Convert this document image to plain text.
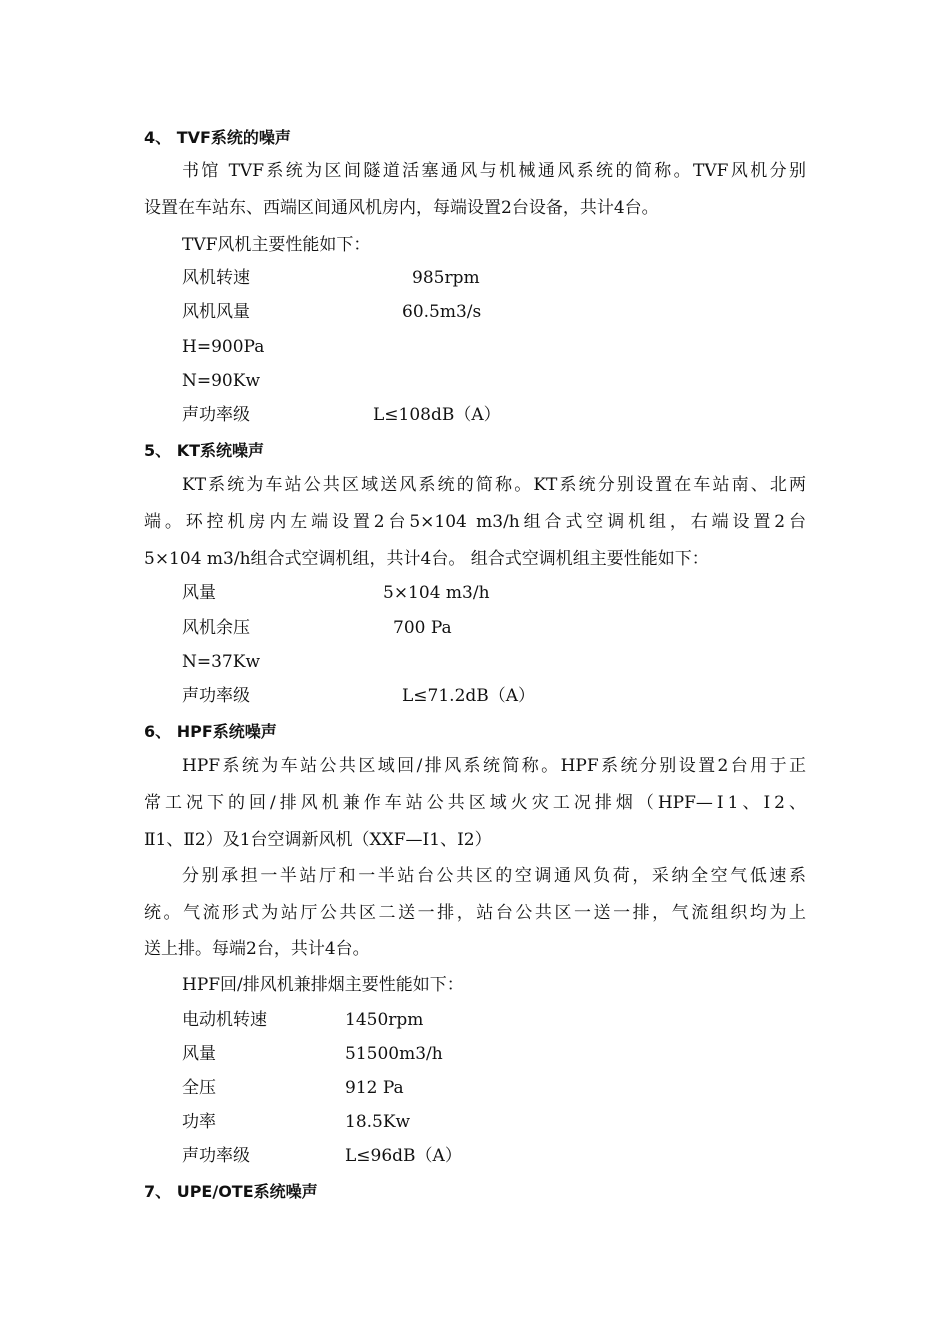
4、 TVF系统的噪声
书馆 TVF系统为区间隧道活塞通风与机械通风系统的简称。TVF风机分别
设置在车站东、西端区间通风机房内，每端设置2台设备，共计4台。
TVF风机主要性能如下：
风机转速	985rpm
风机风量	60.5m3/s
H=900Pa
N=90Kw
声功率级	L≤108dB（A）
5、 KT系统噪声
KT系统为车站公共区域送风系统的简称。KT系统分别设置在车站南、北两
端。环控机房内左端设置2台5×104 m3/h组合式空调机组，右端设置2台
5×104 m3/h组合式空调机组，共计4台。 组合式空调机组主要性能如下：
风量	5×104 m3/h
风机余压	700 Pa
N=37Kw
声功率级	L≤71.2dB（A）
6、 HPF系统噪声
HPF系统为车站公共区域回/排风系统简称。HPF系统分别设置2台用于正
常工况下的回/排风机兼作车站公共区域火灾工况排烟（HPF—Ⅰ1、Ⅰ2、
Ⅱ1、Ⅱ2）及1台空调新风机（XXF—Ⅰ1、Ⅰ2）
分别承担一半站厅和一半站台公共区的空调通风负荷，采纳全空气低速系
统。气流形式为站厅公共区二送一排，站台公共区一送一排，气流组织均为上
送上排。每端2台，共计4台。
HPF回/排风机兼排烟主要性能如下：
电动机转速	1450rpm
风量	51500m3/h
全压	912 Pa
功率	18.5Kw
声功率级	L≤96dB（A）
7、 UPE/OTE系统噪声
